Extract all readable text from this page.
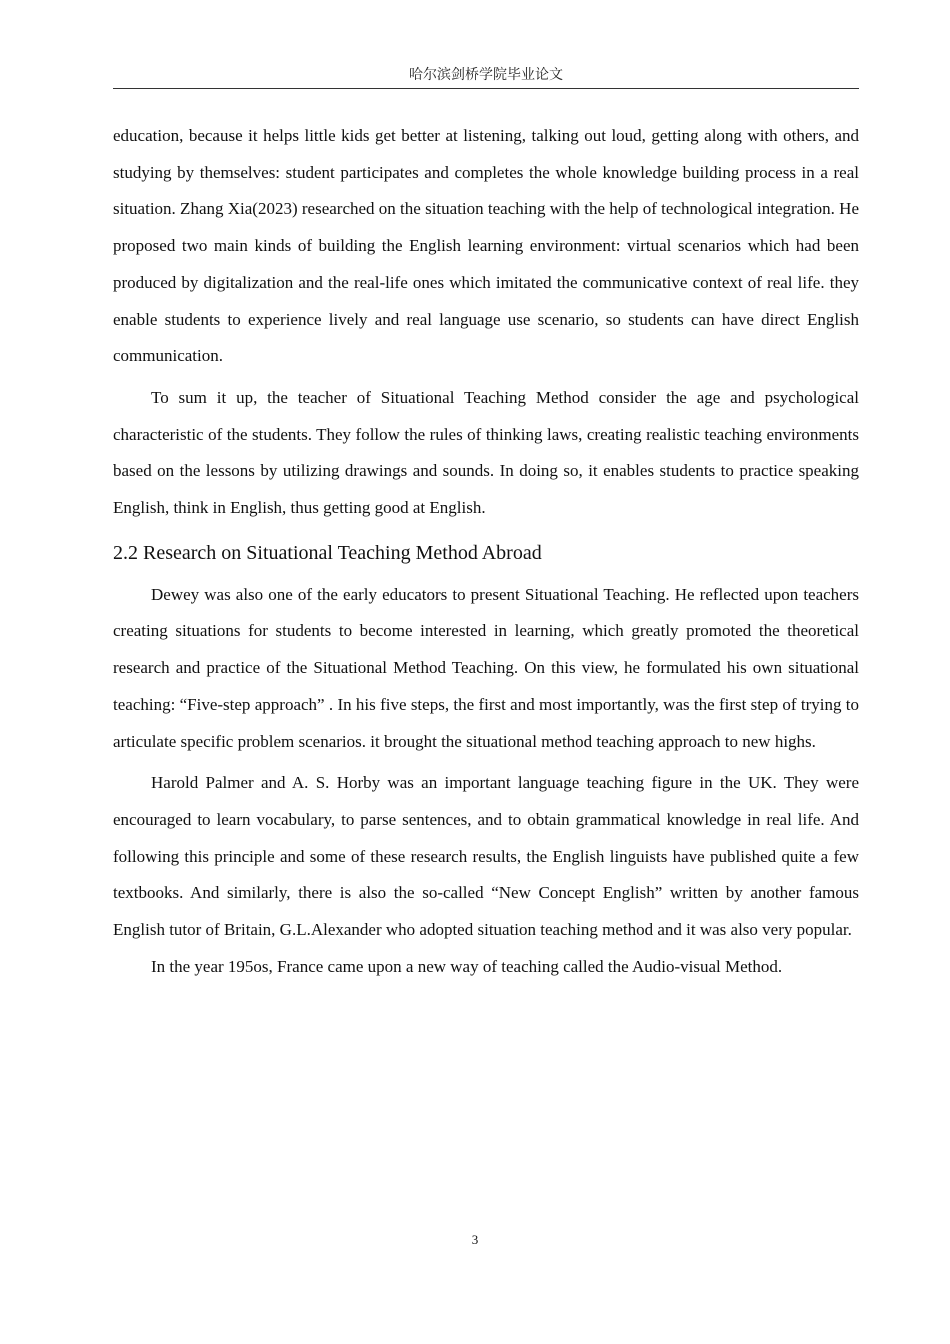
哈尔滨剑桥学院毕业论文

education, because it helps little kids get better at listening, talking out loud, getting along with others, and studying by themselves: student participates and completes the whole knowledge building process in a real situation. Zhang Xia(2023) researched on the situation teaching with the help of technological integration. He proposed two main kinds of building the English learning environment: virtual scenarios which had been produced by digitalization and the real-life ones which imitated the communicative context of real life. they enable students to experience lively and real language use scenario, so students can have direct English communication.

To sum it up, the teacher of Situational Teaching Method consider the age and psychological characteristic of the students. They follow the rules of thinking laws, creating realistic teaching environments based on the lessons by utilizing drawings and sounds. In doing so, it enables students to practice speaking English, think in English, thus getting good at English.

2.2 Research on Situational Teaching Method Abroad

Dewey was also one of the early educators to present Situational Teaching. He reflected upon teachers creating situations for students to become interested in learning, which greatly promoted the theoretical research and practice of the Situational Method Teaching. On this view, he formulated his own situational teaching: “Five-step approach” . In his five steps, the first and most importantly, was the first step of trying to articulate specific problem scenarios. it brought the situational method teaching approach to new highs.

Harold Palmer and A. S. Horby was an important language teaching figure in the UK. They were encouraged to learn vocabulary, to parse sentences, and to obtain grammatical knowledge in real life. And following this principle and some of these research results, the English linguists have published quite a few textbooks. And similarly, there is also the so-called “New Concept English” written by another famous English tutor of Britain, G.L.Alexander who adopted situation teaching method and it was also very popular.

In the year 195os, France came upon a new way of teaching called the Audio-visual Method.

3
